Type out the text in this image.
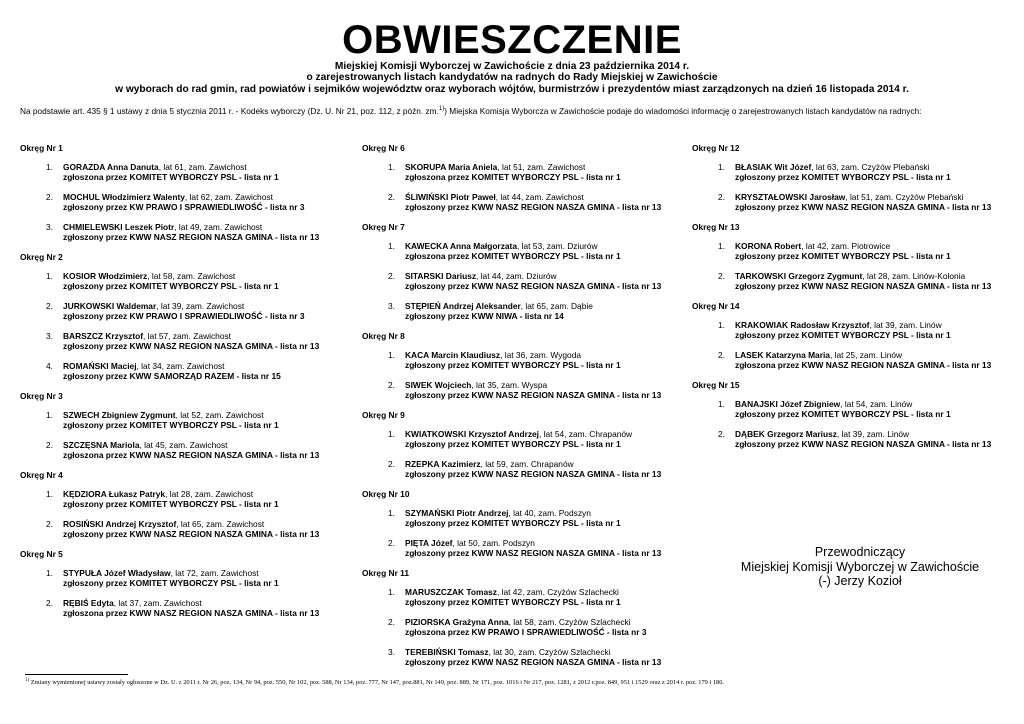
OBWIESZCZENIE
Miejskiej Komisji Wyborczej w Zawichoście z dnia 23 października 2014 r.
o zarejestrowanych listach kandydatów na radnych do Rady Miejskiej w Zawichoście
w wyborach do rad gmin, rad powiatów i sejmików województw oraz wyborach wójtów, burmistrzów i prezydentów miast zarządzonych na dzień 16 listopada 2014 r.
Na podstawie art. 435 § 1 ustawy z dnia 5 stycznia 2011 r. - Kodeks wyborczy (Dz. U. Nr 21, poz. 112, z późn. zm.$^{1)}$) Miejska Komisja Wyborcza w Zawichoście podaje do wiadomości informację o zarejestrowanych listach kandydatów na radnych:
Okręg Nr 1
1. GORAZDA Anna Danuta, lat 61, zam. Zawichost
zgłoszona przez KOMITET WYBORCZY PSL - lista nr 1
2. MOCHUL Włodzimierz Walenty, lat 62, zam. Zawichost
zgłoszony przez KW PRAWO I SPRAWIEDLIWOŚĆ - lista nr 3
3. CHMIELEWSKI Leszek Piotr, lat 49, zam. Zawichost
zgłoszony przez KWW NASZ REGION NASZA GMINA - lista nr 13
Okręg Nr 2
1. KOSIOR Włodzimierz, lat 58, zam. Zawichost
zgłoszony przez KOMITET WYBORCZY PSL - lista nr 1
2. JURKOWSKI Waldemar, lat 39, zam. Zawichost
zgłoszony przez KW PRAWO I SPRAWIEDLIWOŚĆ - lista nr 3
3. BARSZCZ Krzysztof, lat 57, zam. Zawichost
zgłoszony przez KWW NASZ REGION NASZA GMINA - lista nr 13
4. ROMAŃSKI Maciej, lat 34, zam. Zawichost
zgłoszony przez KWW SAMORZĄD RAZEM - lista nr 15
Okręg Nr 3
1. SZWECH Zbigniew Zygmunt, lat 52, zam. Zawichost
zgłoszony przez KOMITET WYBORCZY PSL - lista nr 1
2. SZCZĘSNA Mariola, lat 45, zam. Zawichost
zgłoszona przez KWW NASZ REGION NASZA GMINA - lista nr 13
Okręg Nr 4
1. KĘDZIORA Łukasz Patryk, lat 28, zam. Zawichost
zgłoszony przez KOMITET WYBORCZY PSL - lista nr 1
2. ROSIŃSKI Andrzej Krzysztof, lat 65, zam. Zawichost
zgłoszony przez KWW NASZ REGION NASZA GMINA - lista nr 13
Okręg Nr 5
1. STYPUŁA Józef Władysław, lat 72, zam. Zawichost
zgłoszony przez KOMITET WYBORCZY PSL - lista nr 1
2. RĘBIŚ Edyta, lat 37, zam. Zawichost
zgłoszona przez KWW NASZ REGION NASZA GMINA - lista nr 13
Okręg Nr 6
1. SKORUPA Maria Aniela, lat 51, zam. Zawichost
zgłoszona przez KOMITET WYBORCZY PSL - lista nr 1
2. ŚLIWIŃSKI Piotr Paweł, lat 44, zam. Zawichost
zgłoszony przez KWW NASZ REGION NASZA GMINA - lista nr 13
Okręg Nr 7
1. KAWECKA Anna Małgorzata, lat 53, zam. Dziurów
zgłoszona przez KOMITET WYBORCZY PSL - lista nr 1
2. SITARSKI Dariusz, lat 44, zam. Dziurów
zgłoszony przez KWW NASZ REGION NASZA GMINA - lista nr 13
3. STĘPIEŃ Andrzej Aleksander, lat 65, zam. Dąbie
zgłoszony przez KWW NIWA - lista nr 14
Okręg Nr 8
1. KACA Marcin Klaudiusz, lat 36, zam. Wygoda
zgłoszony przez KOMITET WYBORCZY PSL - lista nr 1
2. SIWEK Wojciech, lat 35, zam. Wyspa
zgłoszony przez KWW NASZ REGION NASZA GMINA - lista nr 13
Okręg Nr 9
1. KWIATKOWSKI Krzysztof Andrzej, lat 54, zam. Chrapanów
zgłoszony przez KOMITET WYBORCZY PSL - lista nr 1
2. RZEPKA Kazimierz, lat 59, zam. Chrapanów
zgłoszony przez KWW NASZ REGION NASZA GMINA - lista nr 13
Okręg Nr 10
1. SZYMAŃSKI Piotr Andrzej, lat 40, zam. Podszyn
zgłoszony przez KOMITET WYBORCZY PSL - lista nr 1
2. PIĘTA Józef, lat 50, zam. Podszyn
zgłoszony przez KWW NASZ REGION NASZA GMINA - lista nr 13
Okręg Nr 11
1. MARUSZCZAK Tomasz, lat 42, zam. Czyżów Szlachecki
zgłoszony przez KOMITET WYBORCZY PSL - lista nr 1
2. PIZIORSKA Grażyna Anna, lat 58, zam. Czyżów Szlachecki
zgłoszona przez KW PRAWO I SPRAWIEDLIWOŚĆ - lista nr 3
3. TEREBIŃSKI Tomasz, lat 30, zam. Czyżów Szlachecki
zgłoszony przez KWW NASZ REGION NASZA GMINA - lista nr 13
Okręg Nr 12
1. BŁASIAK Wit Józef, lat 63, zam. Czyżów Plebański
zgłoszony przez KOMITET WYBORCZY PSL - lista nr 1
2. KRYSZTAŁOWSKI Jarosław, lat 51, zam. Czyżów Plebański
zgłoszony przez KWW NASZ REGION NASZA GMINA - lista nr 13
Okręg Nr 13
1. KORONA Robert, lat 42, zam. Piotrowice
zgłoszony przez KOMITET WYBORCZY PSL - lista nr 1
2. TARKOWSKI Grzegorz Zygmunt, lat 28, zam. Linów-Kolonia
zgłoszony przez KWW NASZ REGION NASZA GMINA - lista nr 13
Okręg Nr 14
1. KRAKOWIAK Radosław Krzysztof, lat 39, zam. Linów
zgłoszony przez KOMITET WYBORCZY PSL - lista nr 1
2. LASEK Katarzyna Maria, lat 25, zam. Linów
zgłoszona przez KWW NASZ REGION NASZA GMINA - lista nr 13
Okręg Nr 15
1. BANAJSKI Józef Zbigniew, lat 54, zam. Linów
zgłoszony przez KOMITET WYBORCZY PSL - lista nr 1
2. DĄBEK Grzegorz Mariusz, lat 39, zam. Linów
zgłoszony przez KWW NASZ REGION NASZA GMINA - lista nr 13
Przewodniczący
Miejskiej Komisji Wyborczej w Zawichoście
(-) Jerzy Kozioł
$^{1)}$ Zmiany wymienionej ustawy zostały ogłoszone w Dz. U. z 2011 r. Nr 26, poz. 134, Nr 94, poz. 550, Nr 102, poz. 588, Nr 134, poz. 777, Nr 147, poz.881, Nr 149, poz. 889, Nr 171, poz. 1016 i Nr 217, poz. 1281, z 2012 r.poz. 849, 951 i 1529 oraz z 2014 r. poz. 179 i 180.
